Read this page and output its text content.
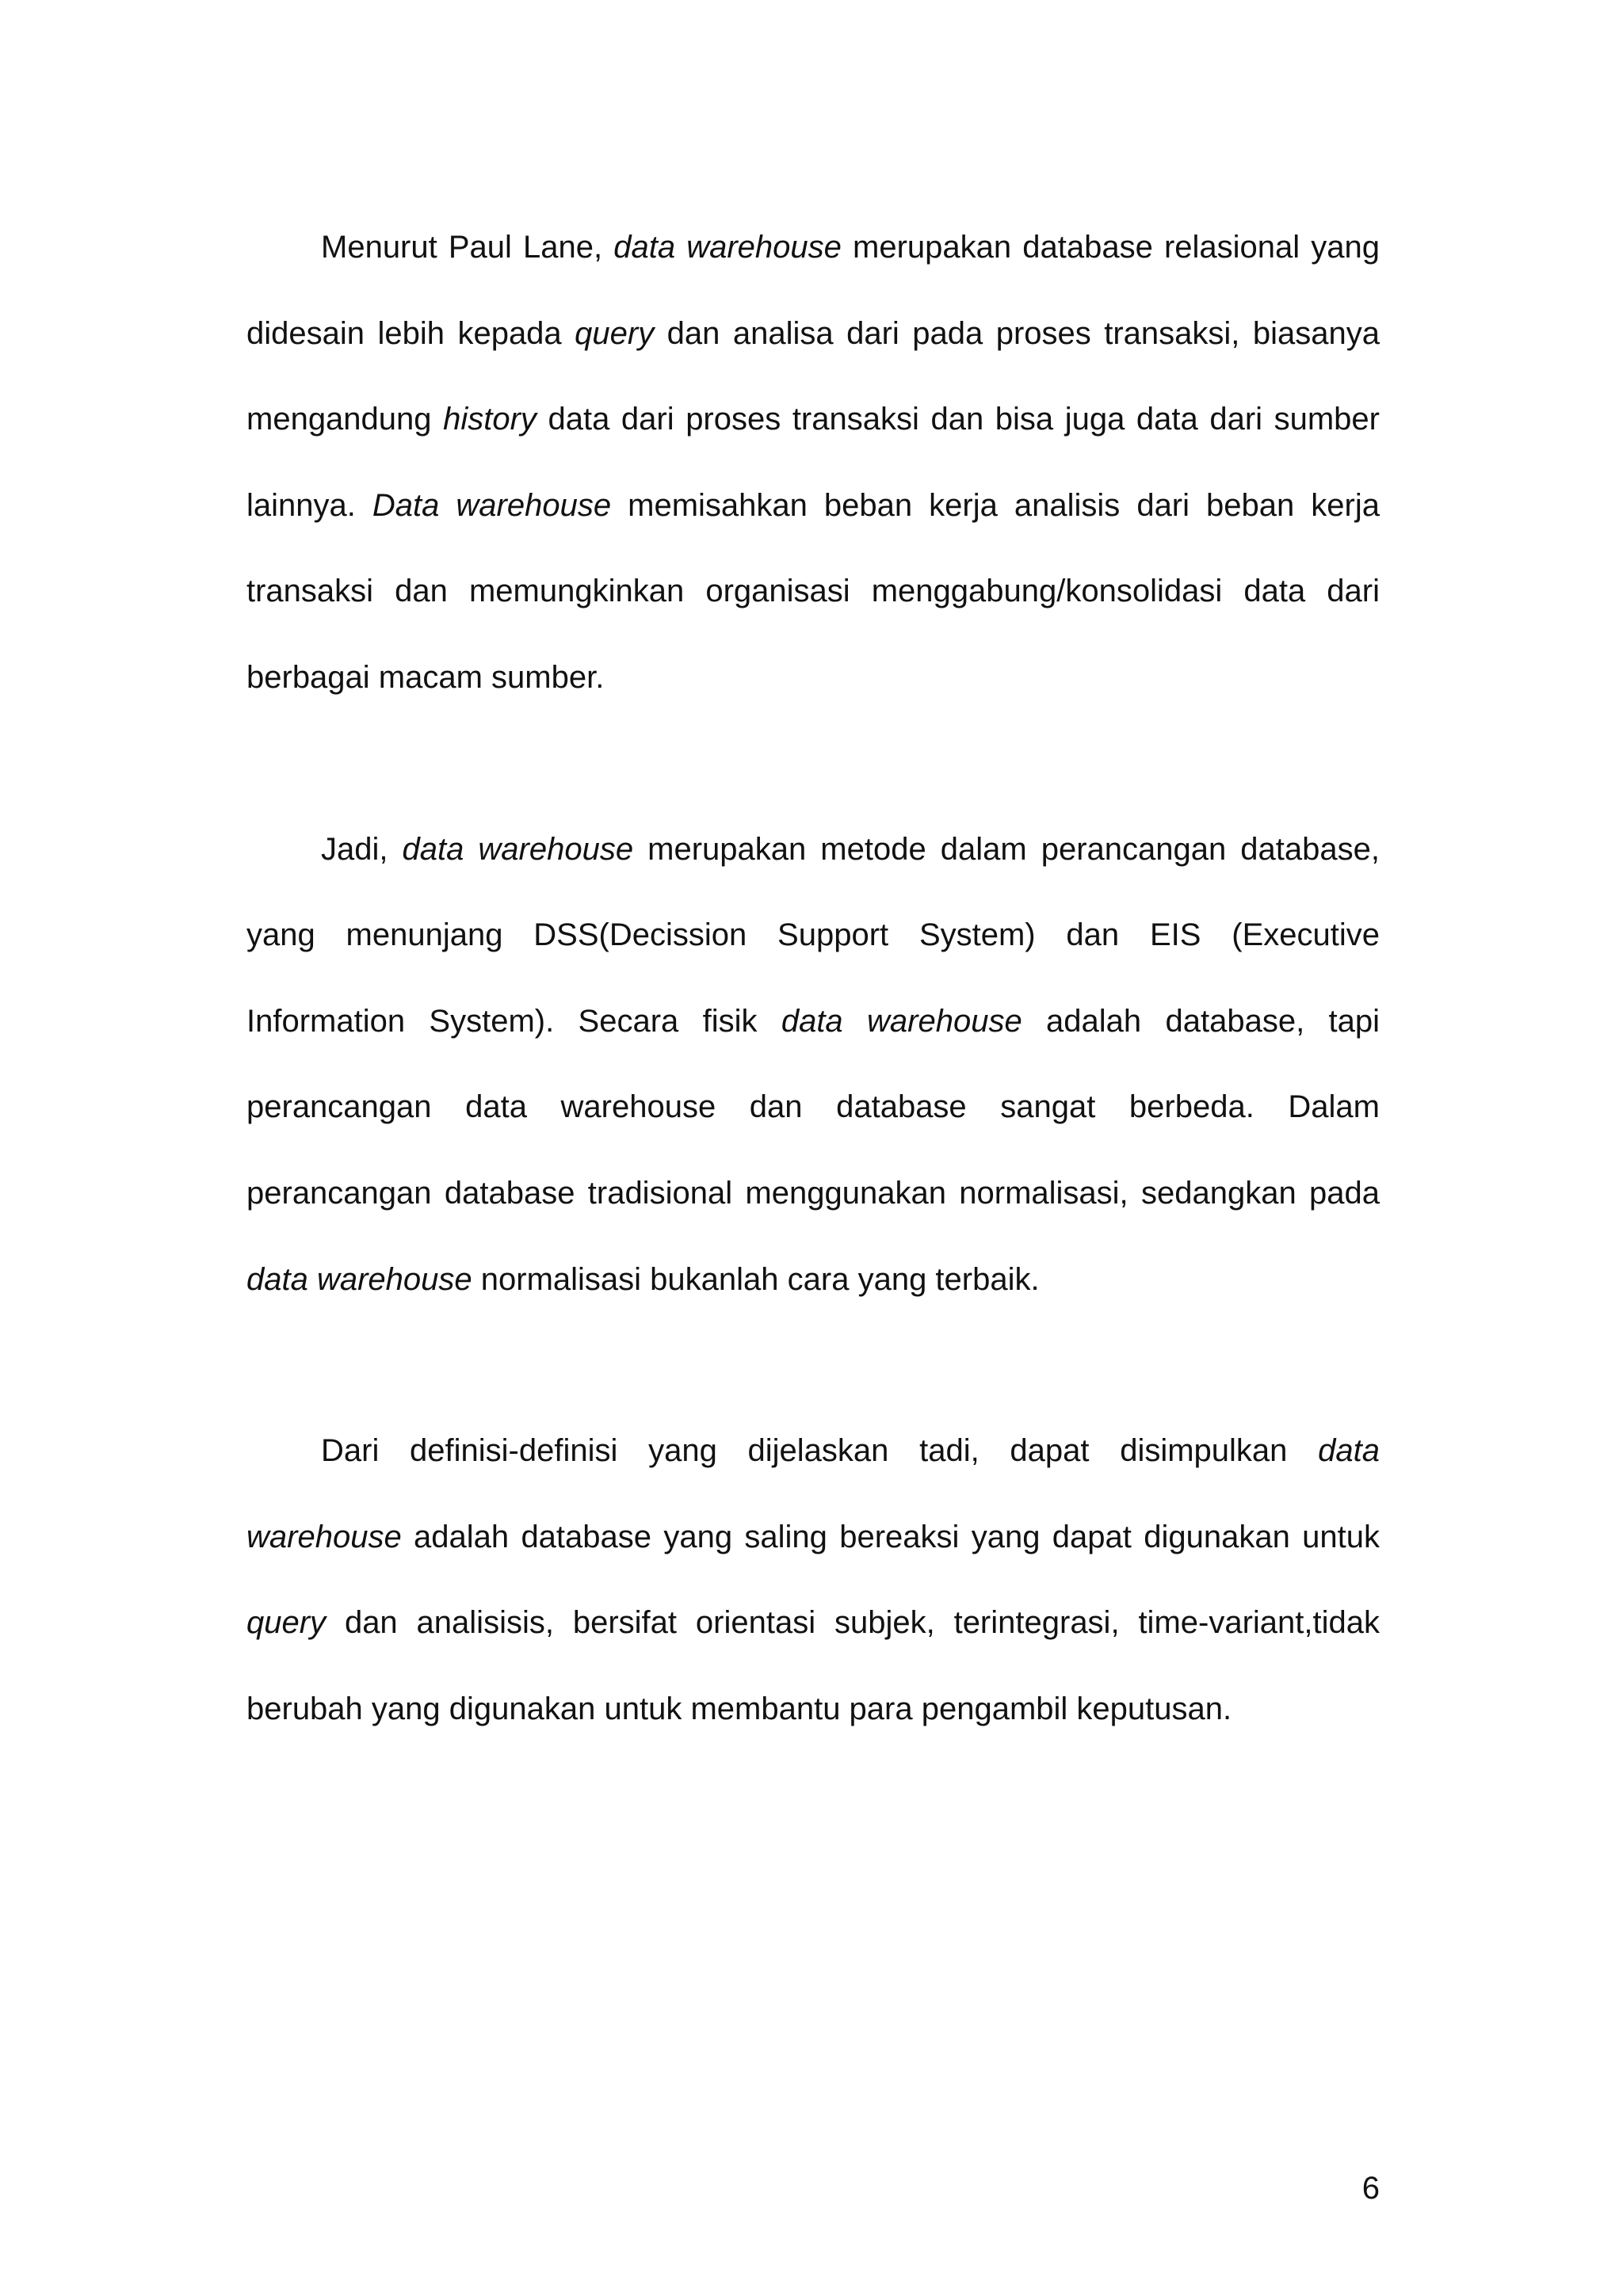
Menurut Paul Lane, data warehouse merupakan database relasional yang didesain lebih kepada query dan analisa dari pada proses transaksi, biasanya mengandung history data dari proses transaksi dan bisa juga data dari sumber lainnya. Data warehouse memisahkan beban kerja analisis dari beban kerja transaksi dan memungkinkan organisasi menggabung/konsolidasi data dari berbagai macam sumber.

Jadi, data warehouse merupakan metode dalam perancangan database, yang menunjang DSS(Decission Support System) dan EIS (Executive Information System). Secara fisik data warehouse adalah database, tapi perancangan data warehouse dan database sangat berbeda. Dalam perancangan database tradisional menggunakan normalisasi, sedangkan pada data warehouse normalisasi bukanlah cara yang terbaik.

Dari definisi-definisi yang dijelaskan tadi, dapat disimpulkan data warehouse adalah database yang saling bereaksi yang dapat digunakan untuk query dan analisisis, bersifat orientasi subjek, terintegrasi, time-variant,tidak berubah yang digunakan untuk membantu para pengambil keputusan.

6
